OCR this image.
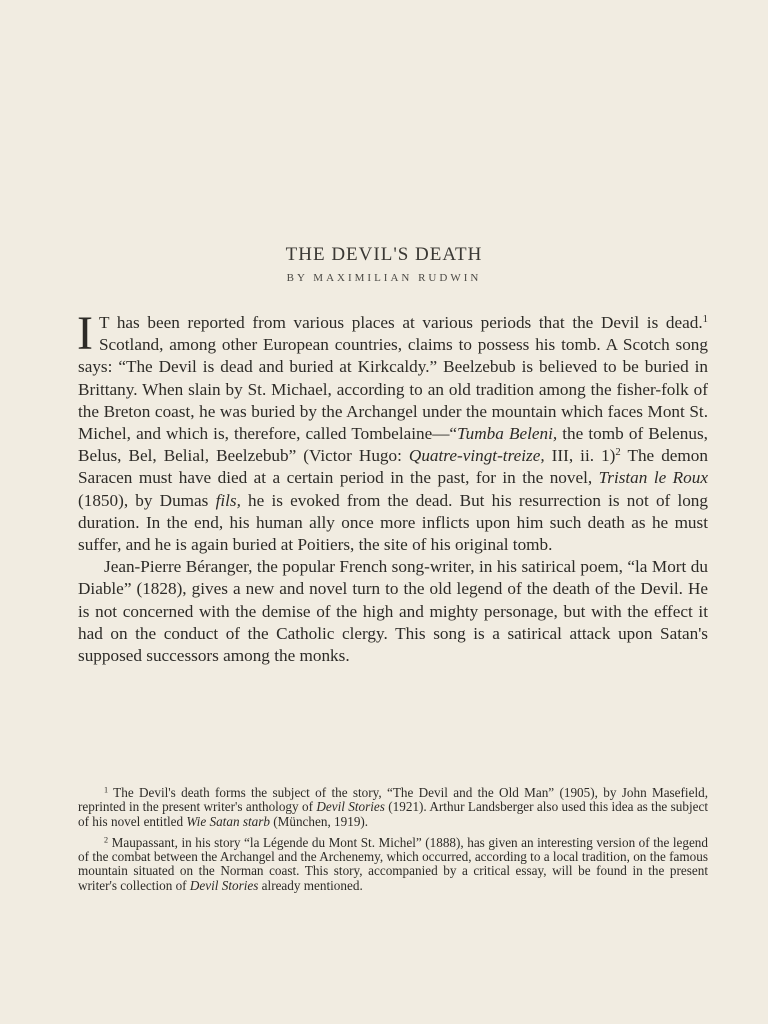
THE DEVIL'S DEATH
BY MAXIMILIAN RUDWIN

I T has been reported from various places at various periods that the Devil is dead.$^1$ Scotland, among other European countries, claims to possess his tomb. A Scotch song says: “The Devil is dead and buried at Kirkcaldy.” Beelzebub is believed to be buried in Brittany. When slain by St. Michael, according to an old tradition among the fisher-folk of the Breton coast, he was buried by the Archangel under the mountain which faces Mont St. Michel, and which is, therefore, called Tombelaine—“Tumba Beleni, the tomb of Belenus, Belus, Bel, Belial, Beelzebub” (Victor Hugo: Quatre-vingt-treize, III, ii. 1)$^2$ The demon Saracen must have died at a certain period in the past, for in the novel, Tristan le Roux (1850), by Dumas fils, he is evoked from the dead. But his resurrection is not of long duration. In the end, his human ally once more inflicts upon him such death as he must suffer, and he is again buried at Poitiers, the site of his original tomb.

Jean-Pierre Béranger, the popular French song-writer, in his satirical poem, “la Mort du Diable” (1828), gives a new and novel turn to the old legend of the death of the Devil. He is not concerned with the demise of the high and mighty personage, but with the effect it had on the conduct of the Catholic clergy. This song is a satirical attack upon Satan's supposed successors among the monks.

$^1$ The Devil's death forms the subject of the story, “The Devil and the Old Man” (1905), by John Masefield, reprinted in the present writer's anthology of Devil Stories (1921). Arthur Landsberger also used this idea as the subject of his novel entitled Wie Satan starb (München, 1919).

$^2$ Maupassant, in his story “la Légende du Mont St. Michel” (1888), has given an interesting version of the legend of the combat between the Archangel and the Archenemy, which occurred, according to a local tradition, on the famous mountain situated on the Norman coast. This story, accompanied by a critical essay, will be found in the present writer's collection of Devil Stories already mentioned.
